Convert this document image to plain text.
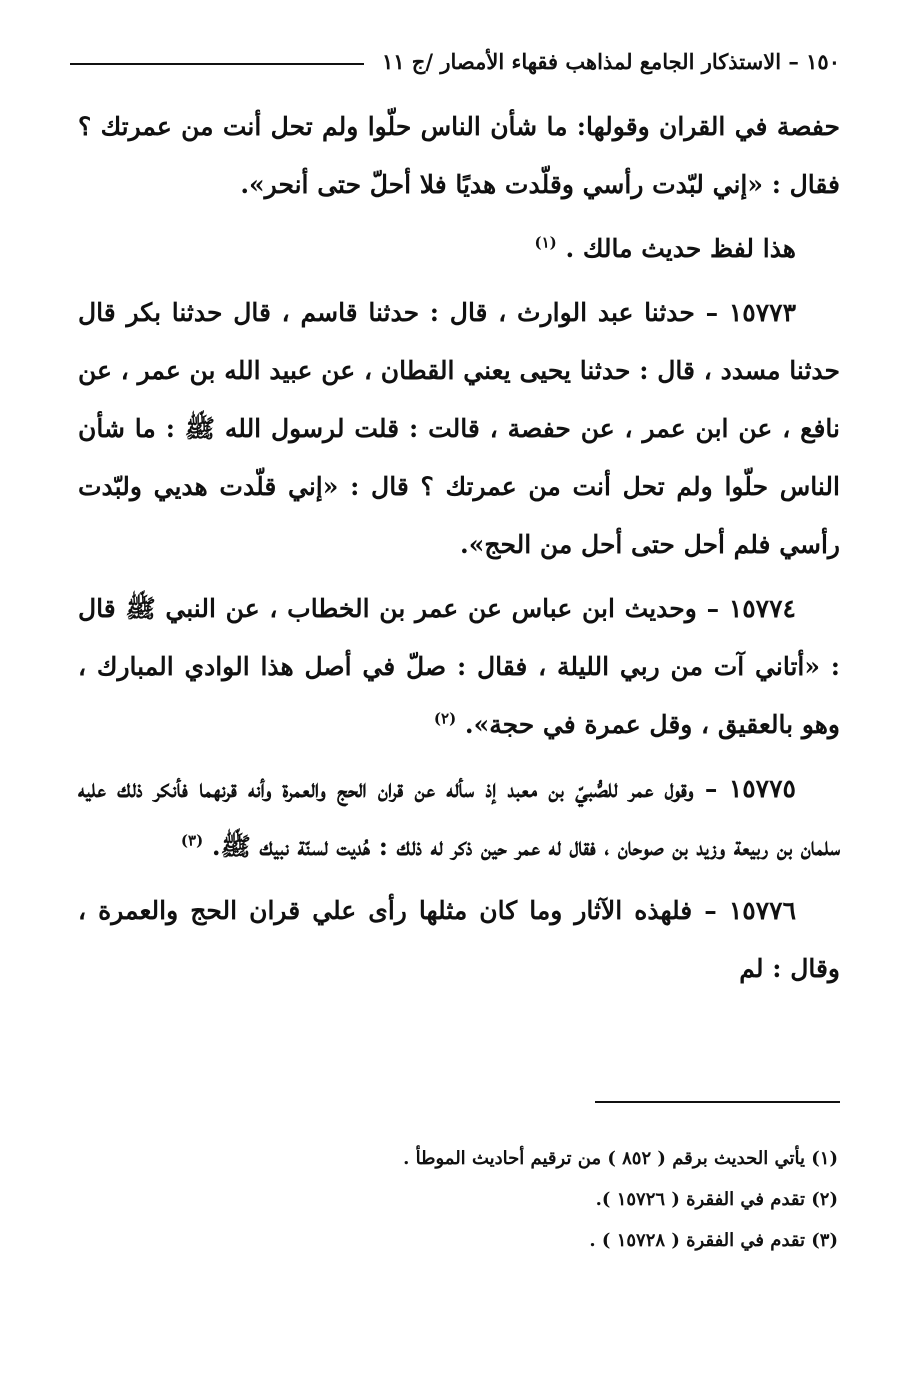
١٥٠ – الاستذكار الجامع لمذاهب فقهاء الأمصار /ج ١١

حفصة في القران وقولها: ما شأن الناس حلّوا ولم تحل أنت من عمرتك ؟ فقال : «إني لبّدت رأسي وقلّدت هديًا فلا أحلّ حتى أنحر».

هذا لفظ حديث مالك . $^{(١)}$

١٥٧٧٣ – حدثنا عبد الوارث ، قال : حدثنا قاسم ، قال حدثنا بكر قال حدثنا مسدد ، قال : حدثنا يحيى يعني القطان ، عن عبيد الله بن عمر ، عن نافع ، عن ابن عمر ، عن حفصة ، قالت : قلت لرسول الله ﷺ : ما شأن الناس حلّوا ولم تحل أنت من عمرتك ؟ قال : «إني قلّدت هديي ولبّدت رأسي فلم أحل حتى أحل من الحج».

١٥٧٧٤ – وحديث ابن عباس عن عمر بن الخطاب ، عن النبي ﷺ قال : «أتاني آت من ربي الليلة ، فقال : صلّ في أصل هذا الوادي المبارك ، وهو بالعقيق ، وقل عمرة في حجة». $^{(٢)}$

١٥٧٧٥ – وقول عمر للصُّبيّ بن معبد إذ سأله عن قران الحج والعمرة وأنه قرنهما فأنكر ذلك عليه سلمان بن ربيعة وزيد بن صوحان ، فقال له عمر حين ذكر له ذلك : هُديت لسنّة نبيك ﷺ. $^{(٣)}$

١٥٧٧٦ – فلهذه الآثار وما كان مثلها رأى علي قران الحج والعمرة ، وقال : لم

(١) يأتي الحديث برقم ( ٨٥٢ ) من ترقيم أحاديث الموطأ .
(٢) تقدم في الفقرة ( ١٥٧٢٦ ).
(٣) تقدم في الفقرة ( ١٥٧٢٨ ) .
